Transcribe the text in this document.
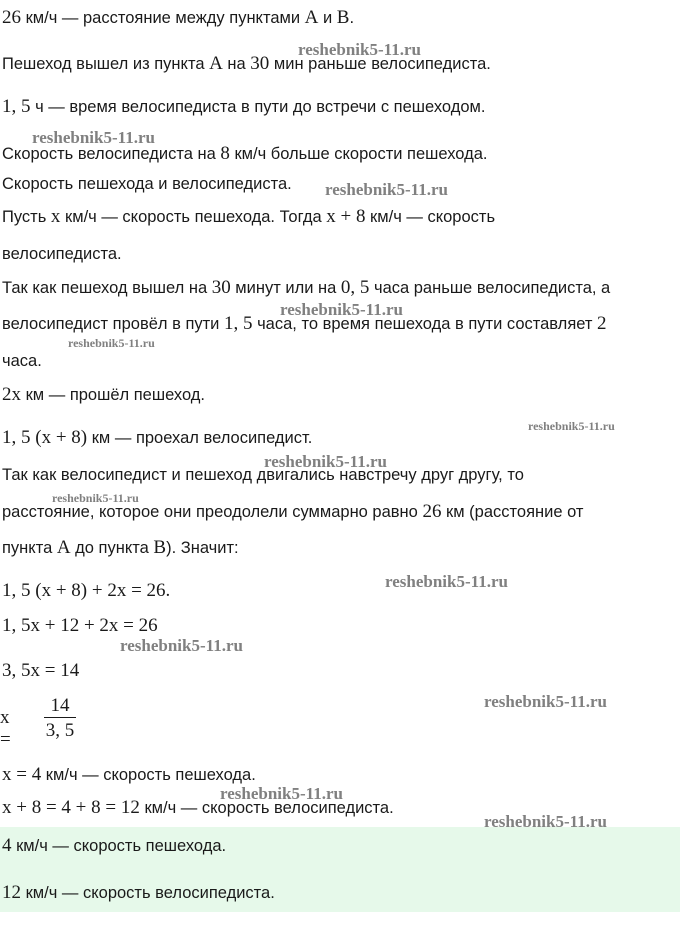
26 км/ч — расстояние между пунктами A и B.

Пешеход вышел из пункта A на 30 мин раньше велосипедиста.

1, 5 ч — время велосипедиста в пути до встречи с пешеходом.

Скорость велосипедиста на 8 км/ч больше скорости пешехода.

Скорость пешехода и велосипедиста.

Пусть x км/ч — скорость пешехода. Тогда x + 8 км/ч — скорость

велосипедиста.

Так как пешеход вышел на 30 минут или на 0, 5 часа раньше велосипедиста, а

велосипедист провёл в пути 1, 5 часа, то время пешехода в пути составляет 2

часа.

2x км — прошёл пешеход.

1, 5 (x + 8) км — проехал велосипедист.

Так как велосипедист и пешеход двигались навстречу друг другу, то

расстояние, которое они преодолели суммарно равно 26 км (расстояние от

пункта A до пункта B). Значит:

1, 5 (x + 8) + 2x = 26.

1, 5x + 12 + 2x = 26

3, 5x = 14

x =
14
3, 5

x = 4 км/ч — скорость пешехода.

x + 8 = 4 + 8 = 12 км/ч — скорость велосипедиста.

4 км/ч — скорость пешехода.

12 км/ч — скорость велосипедиста.

reshebnik5-11.ru
reshebnik5-11.ru
reshebnik5-11.ru
reshebnik5-11.ru
reshebnik5-11.ru
reshebnik5-11.ru
reshebnik5-11.ru
reshebnik5-11.ru
reshebnik5-11.ru
reshebnik5-11.ru
reshebnik5-11.ru
reshebnik5-11.ru
reshebnik5-11.ru
